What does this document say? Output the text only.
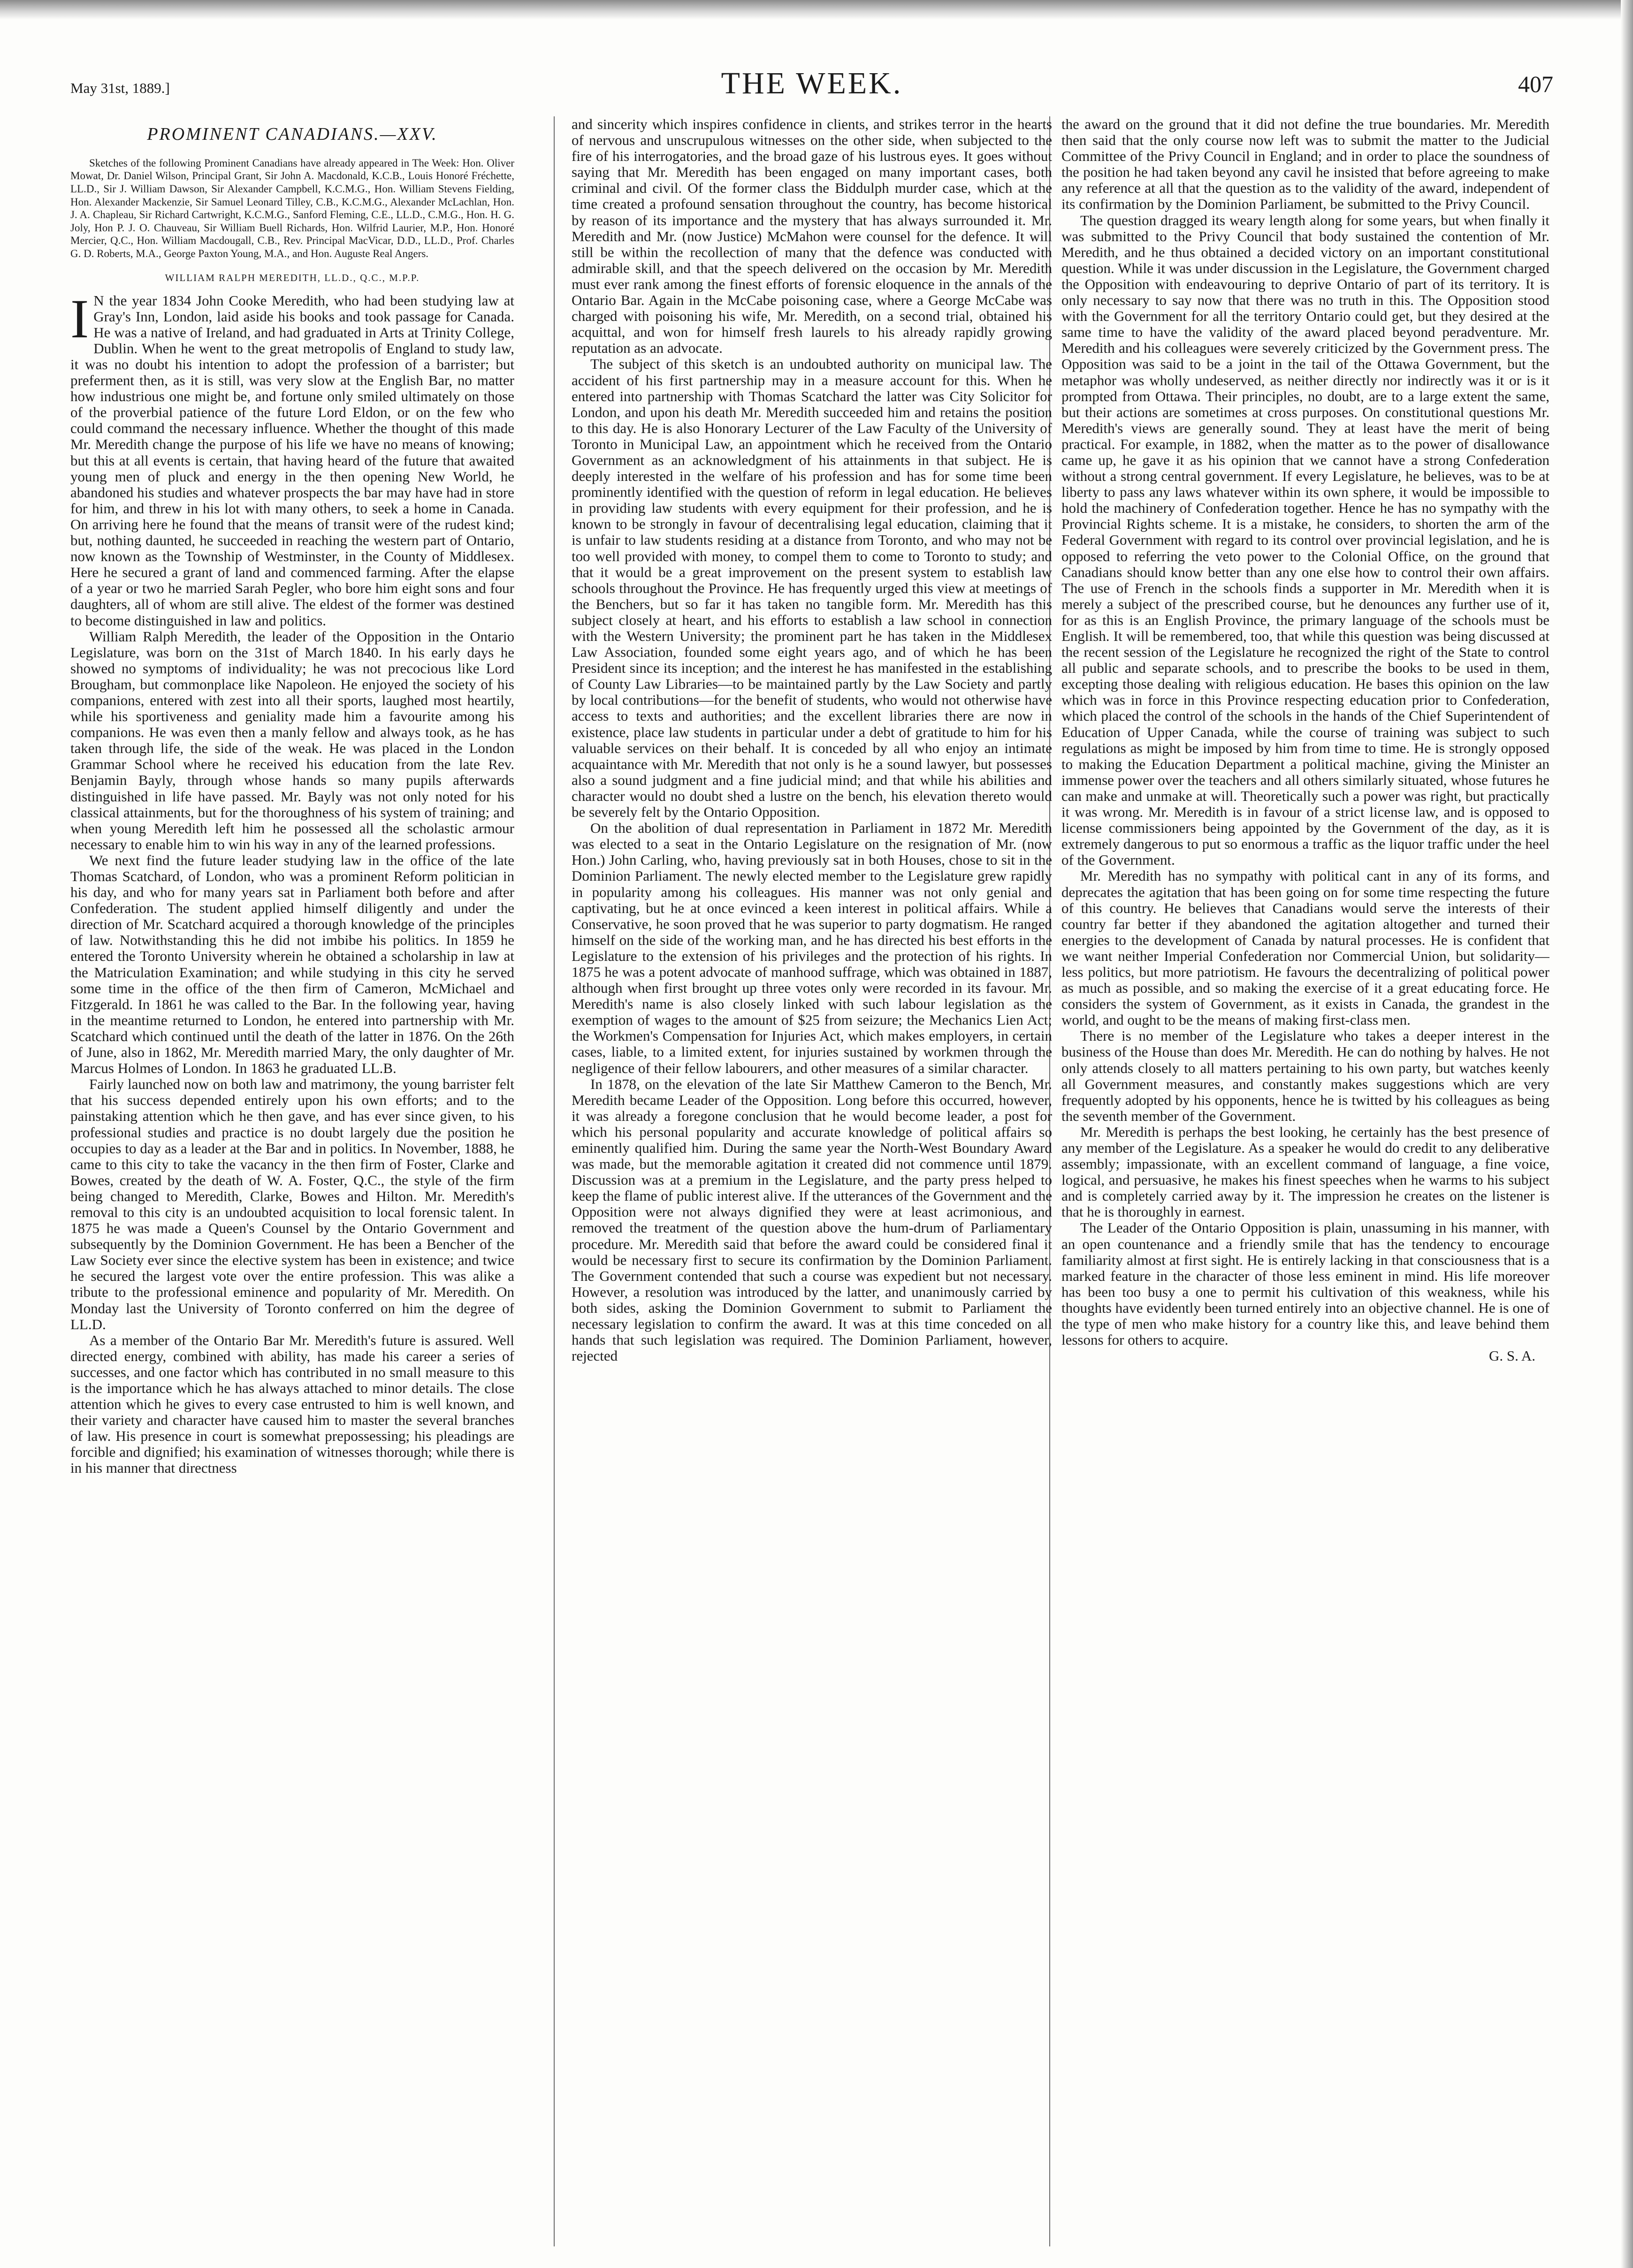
May 31st, 1889.]	THE WEEK.	407
PROMINENT CANADIANS.—XXV.

Sketches of the following Prominent Canadians have already appeared in The Week: Hon. Oliver Mowat, Dr. Daniel Wilson, Principal Grant, Sir John A. Macdonald, K.C.B., Louis Honoré Fréchette, LL.D., Sir J. William Dawson, Sir Alexander Campbell, K.C.M.G., Hon. William Stevens Fielding, Hon. Alexander Mackenzie, Sir Samuel Leonard Tilley, C.B., K.C.M.G., Alexander McLachlan, Hon. J. A. Chapleau, Sir Richard Cartwright, K.C.M.G., Sanford Fleming, C.E., LL.D., C.M.G., Hon. H. G. Joly, Hon P. J. O. Chauveau, Sir William Buell Richards, Hon. Wilfrid Laurier, M.P., Hon. Honoré Mercier, Q.C., Hon. William Macdougall, C.B., Rev. Principal MacVicar, D.D., LL.D., Prof. Charles G. D. Roberts, M.A., George Paxton Young, M.A., and Hon. Auguste Real Angers.

WILLIAM RALPH MEREDITH, LL.D., Q.C., M.P.P.

I N the year 1834 John Cooke Meredith, who had been studying law at Gray's Inn, London, laid aside his books and took passage for Canada. He was a native of Ireland, and had graduated in Arts at Trinity College, Dublin. When he went to the great metropolis of England to study law, it was no doubt his intention to adopt the profession of a barrister; but preferment then, as it is still, was very slow at the English Bar, no matter how industrious one might be, and fortune only smiled ultimately on those of the proverbial patience of the future Lord Eldon, or on the few who could command the necessary influence. Whether the thought of this made Mr. Meredith change the purpose of his life we have no means of knowing; but this at all events is certain, that having heard of the future that awaited young men of pluck and energy in the then opening New World, he abandoned his studies and whatever prospects the bar may have had in store for him, and threw in his lot with many others, to seek a home in Canada. On arriving here he found that the means of transit were of the rudest kind; but, nothing daunted, he succeeded in reaching the western part of Ontario, now known as the Township of Westminster, in the County of Middlesex. Here he secured a grant of land and commenced farming. After the elapse of a year or two he married Sarah Pegler, who bore him eight sons and four daughters, all of whom are still alive. The eldest of the former was destined to become distinguished in law and politics.

William Ralph Meredith, the leader of the Opposition in the Ontario Legislature, was born on the 31st of March 1840. In his early days he showed no symptoms of individuality; he was not precocious like Lord Brougham, but commonplace like Napoleon. He enjoyed the society of his companions, entered with zest into all their sports, laughed most heartily, while his sportiveness and geniality made him a favourite among his companions. He was even then a manly fellow and always took, as he has taken through life, the side of the weak. He was placed in the London Grammar School where he received his education from the late Rev. Benjamin Bayly, through whose hands so many pupils afterwards distinguished in life have passed. Mr. Bayly was not only noted for his classical attainments, but for the thoroughness of his system of training; and when young Meredith left him he possessed all the scholastic armour necessary to enable him to win his way in any of the learned professions.

We next find the future leader studying law in the office of the late Thomas Scatchard, of London, who was a prominent Reform politician in his day, and who for many years sat in Parliament both before and after Confederation. The student applied himself diligently and under the direction of Mr. Scatchard acquired a thorough knowledge of the principles of law. Notwithstanding this he did not imbibe his politics. In 1859 he entered the Toronto University wherein he obtained a scholarship in law at the Matriculation Examination; and while studying in this city he served some time in the office of the then firm of Cameron, McMichael and Fitzgerald. In 1861 he was called to the Bar. In the following year, having in the meantime returned to London, he entered into partnership with Mr. Scatchard which continued until the death of the latter in 1876. On the 26th of June, also in 1862, Mr. Meredith married Mary, the only daughter of Mr. Marcus Holmes of London. In 1863 he graduated LL.B.

Fairly launched now on both law and matrimony, the young barrister felt that his success depended entirely upon his own efforts; and to the painstaking attention which he then gave, and has ever since given, to his professional studies and practice is no doubt largely due the position he occupies to day as a leader at the Bar and in politics. In November, 1888, he came to this city to take the vacancy in the then firm of Foster, Clarke and Bowes, created by the death of W. A. Foster, Q.C., the style of the firm being changed to Meredith, Clarke, Bowes and Hilton. Mr. Meredith's removal to this city is an undoubted acquisition to local forensic talent. In 1875 he was made a Queen's Counsel by the Ontario Government and subsequently by the Dominion Government. He has been a Bencher of the Law Society ever since the elective system has been in existence; and twice he secured the largest vote over the entire profession. This was alike a tribute to the professional eminence and popularity of Mr. Meredith. On Monday last the University of Toronto conferred on him the degree of LL.D.

As a member of the Ontario Bar Mr. Meredith's future is assured. Well directed energy, combined with ability, has made his career a series of successes, and one factor which has contributed in no small measure to this is the importance which he has always attached to minor details. The close attention which he gives to every case entrusted to him is well known, and their variety and character have caused him to master the several branches of law. His presence in court is somewhat prepossessing; his pleadings are forcible and dignified; his examination of witnesses thorough; while there is in his manner that directness

and sincerity which inspires confidence in clients, and strikes terror in the hearts of nervous and unscrupulous witnesses on the other side, when subjected to the fire of his interrogatories, and the broad gaze of his lustrous eyes. It goes without saying that Mr. Meredith has been engaged on many important cases, both criminal and civil. Of the former class the Biddulph murder case, which at the time created a profound sensation throughout the country, has become historical by reason of its importance and the mystery that has always surrounded it. Mr. Meredith and Mr. (now Justice) McMahon were counsel for the defence. It will still be within the recollection of many that the defence was conducted with admirable skill, and that the speech delivered on the occasion by Mr. Meredith must ever rank among the finest efforts of forensic eloquence in the annals of the Ontario Bar. Again in the McCabe poisoning case, where a George McCabe was charged with poisoning his wife, Mr. Meredith, on a second trial, obtained his acquittal, and won for himself fresh laurels to his already rapidly growing reputation as an advocate.

The subject of this sketch is an undoubted authority on municipal law. The accident of his first partnership may in a measure account for this. When he entered into partnership with Thomas Scatchard the latter was City Solicitor for London, and upon his death Mr. Meredith succeeded him and retains the position to this day. He is also Honorary Lecturer of the Law Faculty of the University of Toronto in Municipal Law, an appointment which he received from the Ontario Government as an acknowledgment of his attainments in that subject. He is deeply interested in the welfare of his profession and has for some time been prominently identified with the question of reform in legal education. He believes in providing law students with every equipment for their profession, and he is known to be strongly in favour of decentralising legal education, claiming that it is unfair to law students residing at a distance from Toronto, and who may not be too well provided with money, to compel them to come to Toronto to study; and that it would be a great improvement on the present system to establish law schools throughout the Province. He has frequently urged this view at meetings of the Benchers, but so far it has taken no tangible form. Mr. Meredith has this subject closely at heart, and his efforts to establish a law school in connection with the Western University; the prominent part he has taken in the Middlesex Law Association, founded some eight years ago, and of which he has been President since its inception; and the interest he has manifested in the establishing of County Law Libraries—to be maintained partly by the Law Society and partly by local contributions—for the benefit of students, who would not otherwise have access to texts and authorities; and the excellent libraries there are now in existence, place law students in particular under a debt of gratitude to him for his valuable services on their behalf. It is conceded by all who enjoy an intimate acquaintance with Mr. Meredith that not only is he a sound lawyer, but possesses also a sound judgment and a fine judicial mind; and that while his abilities and character would no doubt shed a lustre on the bench, his elevation thereto would be severely felt by the Ontario Opposition.

On the abolition of dual representation in Parliament in 1872 Mr. Meredith was elected to a seat in the Ontario Legislature on the resignation of Mr. (now Hon.) John Carling, who, having previously sat in both Houses, chose to sit in the Dominion Parliament. The newly elected member to the Legislature grew rapidly in popularity among his colleagues. His manner was not only genial and captivating, but he at once evinced a keen interest in political affairs. While a Conservative, he soon proved that he was superior to party dogmatism. He ranged himself on the side of the working man, and he has directed his best efforts in the Legislature to the extension of his privileges and the protection of his rights. In 1875 he was a potent advocate of manhood suffrage, which was obtained in 1887, although when first brought up three votes only were recorded in its favour. Mr. Meredith's name is also closely linked with such labour legislation as the exemption of wages to the amount of $25 from seizure; the Mechanics Lien Act; the Workmen's Compensation for Injuries Act, which makes employers, in certain cases, liable, to a limited extent, for injuries sustained by workmen through the negligence of their fellow labourers, and other measures of a similar character.

In 1878, on the elevation of the late Sir Matthew Cameron to the Bench, Mr. Meredith became Leader of the Opposition. Long before this occurred, however, it was already a foregone conclusion that he would become leader, a post for which his personal popularity and accurate knowledge of political affairs so eminently qualified him. During the same year the North-West Boundary Award was made, but the memorable agitation it created did not commence until 1879. Discussion was at a premium in the Legislature, and the party press helped to keep the flame of public interest alive. If the utterances of the Government and the Opposition were not always dignified they were at least acrimonious, and removed the treatment of the question above the hum-drum of Parliamentary procedure. Mr. Meredith said that before the award could be considered final it would be necessary first to secure its confirmation by the Dominion Parliament. The Government contended that such a course was expedient but not necessary. However, a resolution was introduced by the latter, and unanimously carried by both sides, asking the Dominion Government to submit to Parliament the necessary legislation to confirm the award. It was at this time conceded on all hands that such legislation was required. The Dominion Parliament, however, rejected

the award on the ground that it did not define the true boundaries. Mr. Meredith then said that the only course now left was to submit the matter to the Judicial Committee of the Privy Council in England; and in order to place the soundness of the position he had taken beyond any cavil he insisted that before agreeing to make any reference at all that the question as to the validity of the award, independent of its confirmation by the Dominion Parliament, be submitted to the Privy Council.

The question dragged its weary length along for some years, but when finally it was submitted to the Privy Council that body sustained the contention of Mr. Meredith, and he thus obtained a decided victory on an important constitutional question. While it was under discussion in the Legislature, the Government charged the Opposition with endeavouring to deprive Ontario of part of its territory. It is only necessary to say now that there was no truth in this. The Opposition stood with the Government for all the territory Ontario could get, but they desired at the same time to have the validity of the award placed beyond peradventure. Mr. Meredith and his colleagues were severely criticized by the Government press. The Opposition was said to be a joint in the tail of the Ottawa Government, but the metaphor was wholly undeserved, as neither directly nor indirectly was it or is it prompted from Ottawa. Their principles, no doubt, are to a large extent the same, but their actions are sometimes at cross purposes. On constitutional questions Mr. Meredith's views are generally sound. They at least have the merit of being practical. For example, in 1882, when the matter as to the power of disallowance came up, he gave it as his opinion that we cannot have a strong Confederation without a strong central government. If every Legislature, he believes, was to be at liberty to pass any laws whatever within its own sphere, it would be impossible to hold the machinery of Confederation together. Hence he has no sympathy with the Provincial Rights scheme. It is a mistake, he considers, to shorten the arm of the Federal Government with regard to its control over provincial legislation, and he is opposed to referring the veto power to the Colonial Office, on the ground that Canadians should know better than any one else how to control their own affairs. The use of French in the schools finds a supporter in Mr. Meredith when it is merely a subject of the prescribed course, but he denounces any further use of it, for as this is an English Province, the primary language of the schools must be English. It will be remembered, too, that while this question was being discussed at the recent session of the Legislature he recognized the right of the State to control all public and separate schools, and to prescribe the books to be used in them, excepting those dealing with religious education. He bases this opinion on the law which was in force in this Province respecting education prior to Confederation, which placed the control of the schools in the hands of the Chief Superintendent of Education of Upper Canada, while the course of training was subject to such regulations as might be imposed by him from time to time. He is strongly opposed to making the Education Department a political machine, giving the Minister an immense power over the teachers and all others similarly situated, whose futures he can make and unmake at will. Theoretically such a power was right, but practically it was wrong. Mr. Meredith is in favour of a strict license law, and is opposed to license commissioners being appointed by the Government of the day, as it is extremely dangerous to put so enormous a traffic as the liquor traffic under the heel of the Government.

Mr. Meredith has no sympathy with political cant in any of its forms, and deprecates the agitation that has been going on for some time respecting the future of this country. He believes that Canadians would serve the interests of their country far better if they abandoned the agitation altogether and turned their energies to the development of Canada by natural processes. He is confident that we want neither Imperial Confederation nor Commercial Union, but solidarity—less politics, but more patriotism. He favours the decentralizing of political power as much as possible, and so making the exercise of it a great educating force. He considers the system of Government, as it exists in Canada, the grandest in the world, and ought to be the means of making first-class men.

There is no member of the Legislature who takes a deeper interest in the business of the House than does Mr. Meredith. He can do nothing by halves. He not only attends closely to all matters pertaining to his own party, but watches keenly all Government measures, and constantly makes suggestions which are very frequently adopted by his opponents, hence he is twitted by his colleagues as being the seventh member of the Government.

Mr. Meredith is perhaps the best looking, he certainly has the best presence of any member of the Legislature. As a speaker he would do credit to any deliberative assembly; impassionate, with an excellent command of language, a fine voice, logical, and persuasive, he makes his finest speeches when he warms to his subject and is completely carried away by it. The impression he creates on the listener is that he is thoroughly in earnest.

The Leader of the Ontario Opposition is plain, unassuming in his manner, with an open countenance and a friendly smile that has the tendency to encourage familiarity almost at first sight. He is entirely lacking in that consciousness that is a marked feature in the character of those less eminent in mind. His life moreover has been too busy a one to permit his cultivation of this weakness, while his thoughts have evidently been turned entirely into an objective channel. He is one of the type of men who make history for a country like this, and leave behind them lessons for others to acquire.

G. S. A.
